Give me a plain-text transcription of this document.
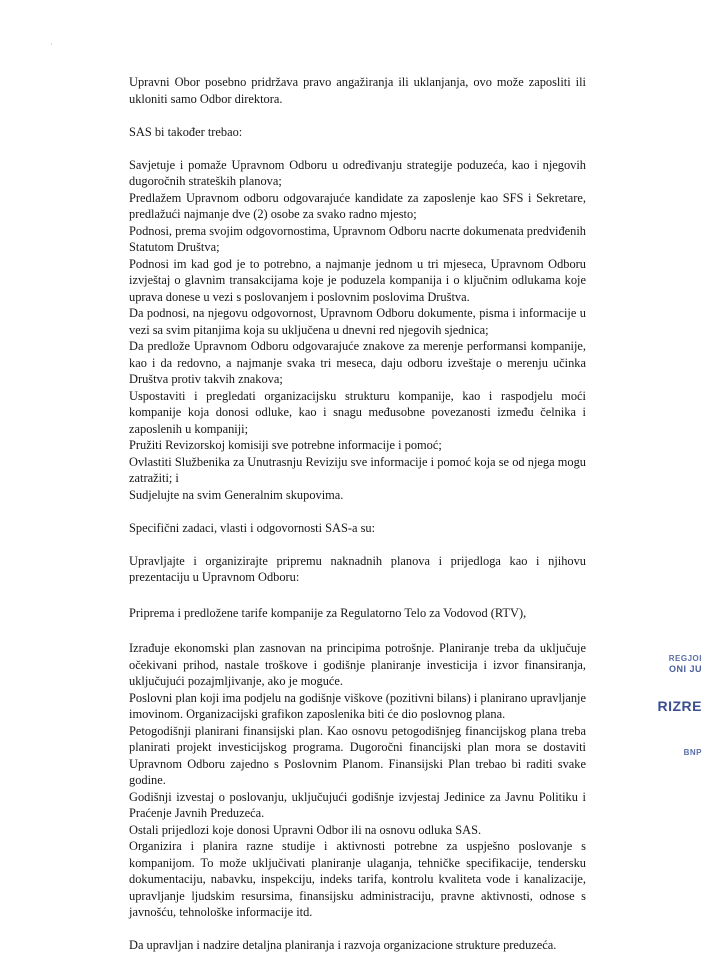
·

Upravni Obor posebno pridržava pravo angažiranja ili uklanjanja, ovo može zaposliti ili ukloniti samo Odbor direktora.

SAS bi također trebao:

Savjetuje i pomaže Upravnom Odboru u određivanju strategije poduzeća, kao i njegovih dugoročnih strateških planova;

Predlažem Upravnom odboru odgovarajuće kandidate za zaposlenje kao SFS i Sekretare, predlažući najmanje dve (2) osobe za svako radno mjesto;

Podnosi, prema svojim odgovornostima, Upravnom Odboru nacrte dokumenata predviđenih Statutom Društva;

Podnosi im kad god je to potrebno, a najmanje jednom u tri mjeseca, Upravnom Odboru izvještaj o glavnim transakcijama koje je poduzela kompanija i o ključnim odlukama koje uprava donese u vezi s poslovanjem i poslovnim poslovima Društva.

Da podnosi, na njegovu odgovornost, Upravnom Odboru dokumente, pisma i informacije u vezi sa svim pitanjima koja su uključena u dnevni red njegovih sjednica;

Da predlože Upravnom Odboru odgovarajuće znakove za merenje performansi kompanije, kao i da redovno, a najmanje svaka tri meseca, daju odboru izveštaje o merenju učinka Društva protiv takvih znakova;

Uspostaviti i pregledati organizacijsku strukturu kompanije, kao i raspodjelu moći kompanije koja donosi odluke, kao i snagu međusobne povezanosti između čelnika i zaposlenih u kompaniji;

Pružiti Revizorskoj komisiji sve potrebne informacije i pomoć;

Ovlastiti Službenika za Unutrasnju Reviziju sve informacije i pomoć koja se od njega mogu zatražiti; i

Sudjelujte na svim Generalnim skupovima.

Specifični zadaci, vlasti i odgovornosti SAS-a su:

Upravljajte i organizirajte pripremu naknadnih planova i prijedloga kao i njihovu prezentaciju u Upravnom Odboru:

Priprema i predložene tarife kompanije za Regulatorno Telo za Vodovod (RTV),

Izrađuje ekonomski plan zasnovan na principima potrošnje. Planiranje treba da uključuje očekivani prihod, nastale troškove i godišnje planiranje investicija i izvor finansiranja, uključujući pozajmljivanje, ako je moguće.

Poslovni plan koji ima podjelu na godišnje viškove (pozitivni bilans) i planirano upravljanje imovinom. Organizacijski grafikon zaposlenika biti će dio poslovnog plana.

Petogodišnji planirani finansijski plan. Kao osnovu petogodišnjeg financijskog plana treba planirati projekt investicijskog programa. Dugoročni financijski plan mora se dostaviti Upravnom Odboru zajedno s Poslovnim Planom. Finansijski Plan trebao bi raditi svake godine.

Godišnji izvestaj o poslovanju, uključujući godišnje izvjestaj Jedinice za Javnu Politiku i Praćenje Javnih Preduzeća.

Ostali prijedlozi koje donosi Upravni Odbor ili na osnovu odluka SAS.

Organizira i planira razne studije i aktivnosti potrebne za uspješno poslovanje s kompanijom. To može uključivati planiranje ulaganja, tehničke specifikacije, tendersku dokumentaciju, nabavku, inspekciju, indeks tarifa, kontrolu kvaliteta vode i kanalizacije, upravljanje ljudskim resursima, finansijsku administraciju, pravne aktivnosti, odnose s javnošću, tehnološke informacije itd.

Da upravljan i nadzire detaljna planiranja i razvoja organizacione strukture preduzeća.

REGJOI
ONI JU
RIZRE
BNP
